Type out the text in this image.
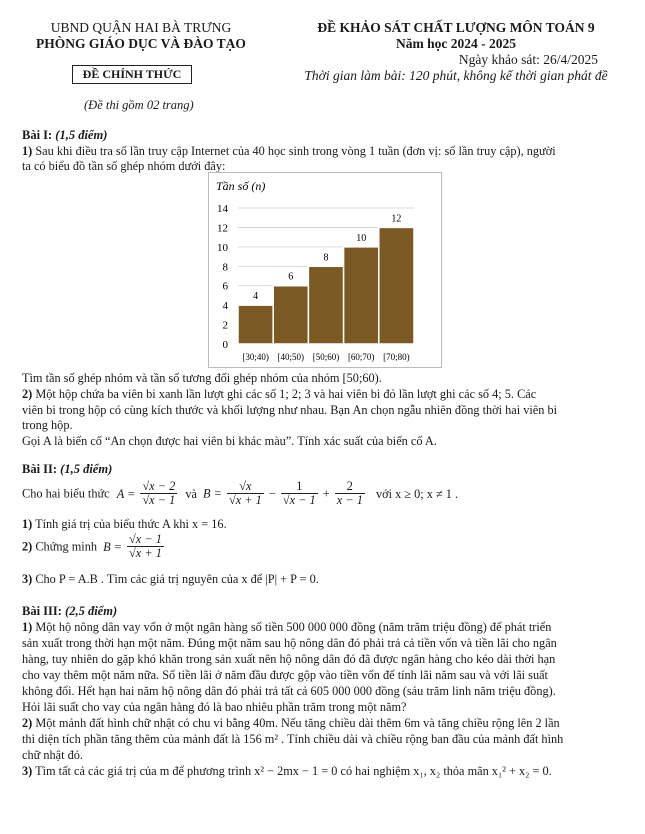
UBND QUẬN HAI BÀ TRƯNG
PHÒNG GIÁO DỤC VÀ ĐÀO TẠO
ĐỀ CHÍNH THỨC
(Đề thi gồm 02 trang)
ĐỀ KHẢO SÁT CHẤT LƯỢNG MÔN TOÁN 9
Năm học 2024 - 2025
Ngày khảo sát: 26/4/2025
Thời gian làm bài: 120 phút, không kể thời gian phát đề
Bài I: (1,5 điểm)
1) Sau khi điều tra số lần truy cập Internet của 40 học sinh trong vòng 1 tuần (đơn vị: số lần truy cập), người
ta có biểu đồ tần số ghép nhóm dưới đây:
Tần số (n)
0
2
4
6
8
10
12
14
4
[30;40)
6
[40;50)
8
[50;60)
10
[60;70)
12
[70;80)
Tìm tần số ghép nhóm và tần số tương đối ghép nhóm của nhóm [50;60).
2) Một hộp chứa ba viên bi xanh lần lượt ghi các số 1; 2; 3 và hai viên bi đỏ lần lượt ghi các số 4; 5. Các
viên bi trong hộp có cùng kích thước và khối lượng như nhau. Bạn An chọn ngẫu nhiên đồng thời hai viên bi
trong hộp.
Gọi A là biến cố “An chọn được hai viên bi khác màu”. Tính xác suất của biến cố A.
Bài II: (1,5 điểm)
Cho hai biểu thức $A = \frac{√x - 2}{√x - 1}$ và $B = \frac{√x}{√x + 1} - \frac{1}{√x - 1} + \frac{2}{x - 1}$ với x ≥ 0; x ≠ 1 .
1) Tính giá trị của biểu thức A khi x = 16.
2) Chứng minh $B = \frac{√x - 1}{√x + 1}$
3) Cho P = A.B . Tìm các giá trị nguyên của x để |P| + P = 0.
Bài III: (2,5 điểm)
1) Một hộ nông dân vay vốn ở một ngân hàng số tiền 500 000 000 đồng (năm trăm triệu đồng) để phát triển
sản xuất trong thời hạn một năm. Đúng một năm sau hộ nông dân đó phải trả cả tiền vốn và tiền lãi cho ngân
hàng, tuy nhiên do gặp khó khăn trong sản xuất nên hộ nông dân đó đã được ngân hàng cho kéo dài thời hạn
cho vay thêm một năm nữa. Số tiền lãi ở năm đầu được gộp vào tiền vốn để tính lãi năm sau và với lãi suất
không đổi. Hết hạn hai năm hộ nông dân đó phải trả tất cả 605 000 000 đồng (sáu trăm linh năm triệu đồng).
Hỏi lãi suất cho vay của ngân hàng đó là bao nhiêu phần trăm trong một năm?
2) Một mảnh đất hình chữ nhật có chu vi bằng 40m. Nếu tăng chiều dài thêm 6m và tăng chiều rộng lên 2 lần
thì diện tích phần tăng thêm của mảnh đất là 156 m² . Tính chiều dài và chiều rộng ban đầu của mảnh đất hình
chữ nhật đó.
3) Tìm tất cả các giá trị của m để phương trình x² − 2mx − 1 = 0 có hai nghiệm x₁, x₂ thỏa mãn x₁² + x₂ = 0.
